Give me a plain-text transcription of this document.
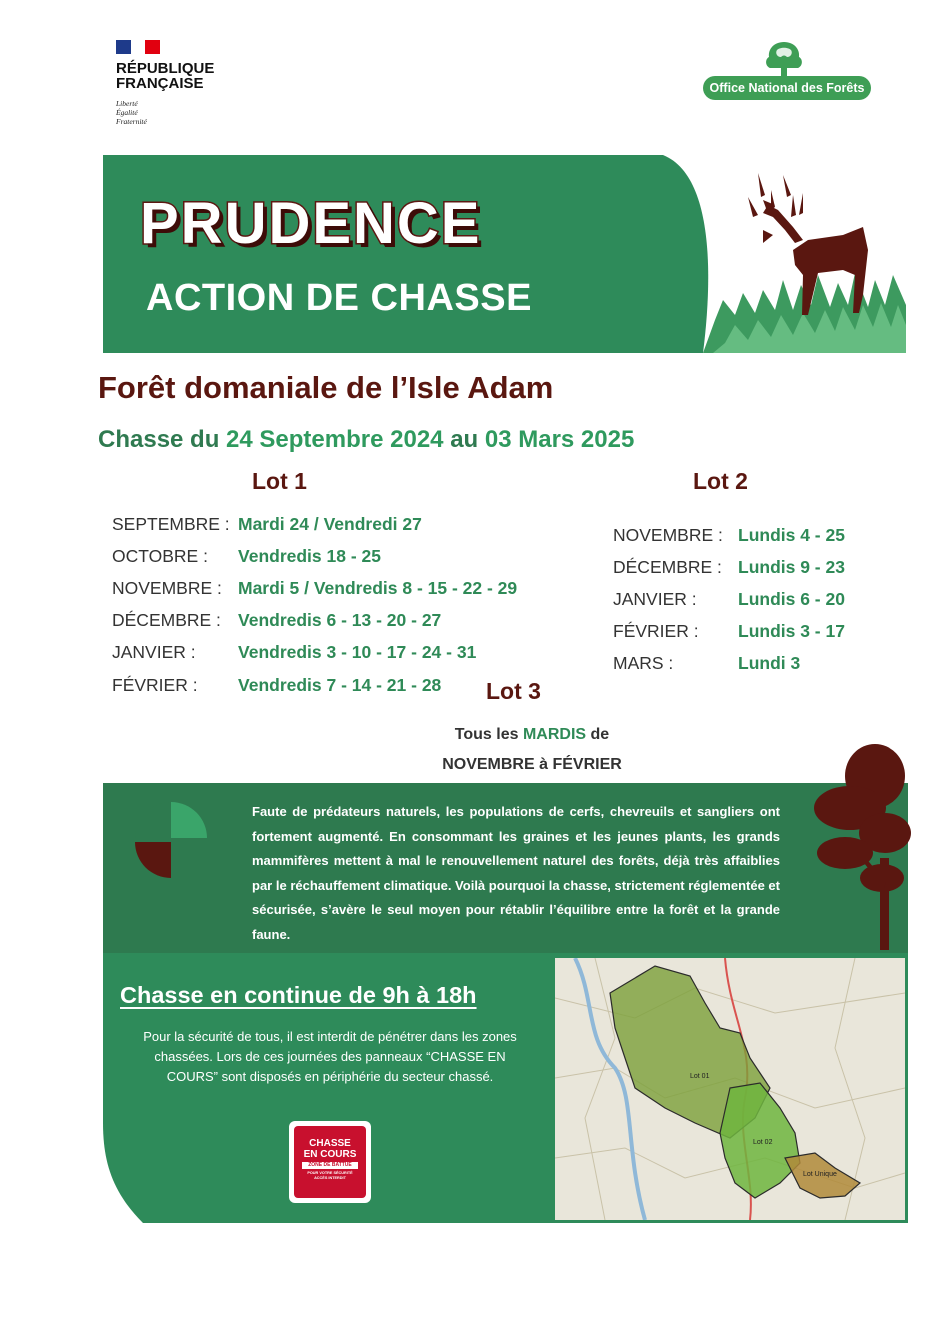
RÉPUBLIQUE
FRANÇAISE
Liberté
Égalité
Fraternité
Office National des Forêts
PRUDENCE
ACTION DE CHASSE
Forêt domaniale de l’Isle Adam
Chasse du 24 Septembre 2024 au 03 Mars 2025
Lot 1
SEPTEMBRE : Mardi 24 / Vendredi 27
OCTOBRE : Vendredis 18 - 25
NOVEMBRE : Mardi 5 / Vendredis 8 - 15 - 22 - 29
DÉCEMBRE : Vendredis 6 - 13 - 20 - 27
JANVIER : Vendredis 3 - 10 - 17 - 24 - 31
FÉVRIER : Vendredis 7 - 14 - 21 - 28
Lot 2
NOVEMBRE : Lundis 4 - 25
DÉCEMBRE : Lundis 9 - 23
JANVIER : Lundis 6 - 20
FÉVRIER : Lundis 3 - 17
MARS :	Lundi 3
Lot 3
Tous les MARDIS de
NOVEMBRE à FÉVRIER
Faute de prédateurs naturels, les populations de cerfs, chevreuils et sangliers ont fortement augmenté. En consommant les graines et les jeunes plants, les grands mammifères mettent à mal le renouvellement naturel des forêts, déjà très affaiblies par le réchauffement climatique. Voilà pourquoi la chasse, strictement réglementée et sécurisée, s’avère le seul moyen pour rétablir l’équilibre entre la forêt et la grande faune.
Chasse en continue de 9h à 18h
Pour la sécurité de tous, il est interdit de pénétrer dans les zones chassées. Lors de ces journées des panneaux “CHASSE EN COURS” sont disposés en périphérie du secteur chassé.
CHASSE
EN COURS
ZONE DE BATTUE
POUR VOTRE SÉCURITÉ
ACCÈS INTERDIT
Lot 01
Lot 02
Lot Unique
